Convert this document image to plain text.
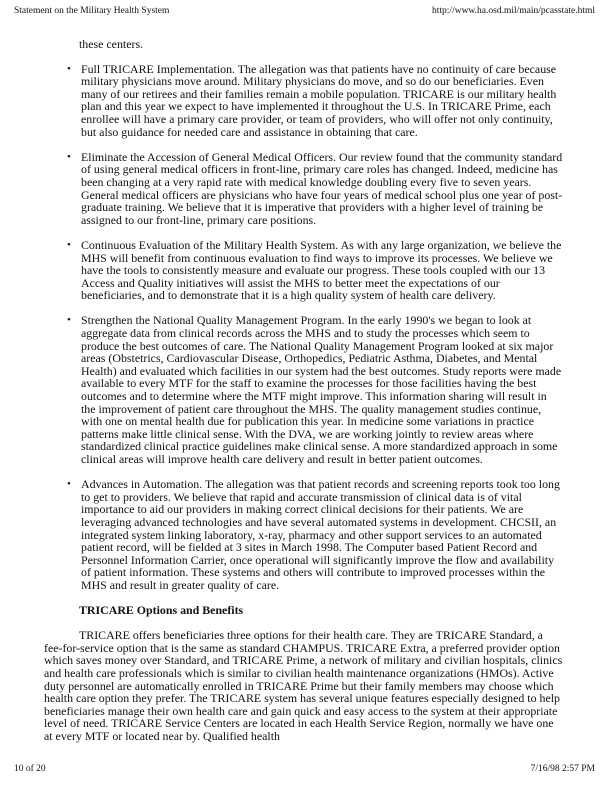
Statement on the Military Health System	http://www.ha.osd.mil/main/pcasstate.html

these centers.

• Full TRICARE Implementation. The allegation was that patients have no continuity of care because military physicians move around. Military physicians do move, and so do our beneficiaries. Even many of our retirees and their families remain a mobile population. TRICARE is our military health plan and this year we expect to have implemented it throughout the U.S. In TRICARE Prime, each enrollee will have a primary care provider, or team of providers, who will offer not only continuity, but also guidance for needed care and assistance in obtaining that care.
• Eliminate the Accession of General Medical Officers. Our review found that the community standard of using general medical officers in front-line, primary care roles has changed. Indeed, medicine has been changing at a very rapid rate with medical knowledge doubling every five to seven years. General medical officers are physicians who have four years of medical school plus one year of post-graduate training. We believe that it is imperative that providers with a higher level of training be assigned to our front-line, primary care positions.
• Continuous Evaluation of the Military Health System. As with any large organization, we believe the MHS will benefit from continuous evaluation to find ways to improve its processes. We believe we have the tools to consistently measure and evaluate our progress. These tools coupled with our 13 Access and Quality initiatives will assist the MHS to better meet the expectations of our beneficiaries, and to demonstrate that it is a high quality system of health care delivery.
• Strengthen the National Quality Management Program. In the early 1990's we began to look at aggregate data from clinical records across the MHS and to study the processes which seem to produce the best outcomes of care. The National Quality Management Program looked at six major areas (Obstetrics, Cardiovascular Disease, Orthopedics, Pediatric Asthma, Diabetes, and Mental Health) and evaluated which facilities in our system had the best outcomes. Study reports were made available to every MTF for the staff to examine the processes for those facilities having the best outcomes and to determine where the MTF might improve. This information sharing will result in the improvement of patient care throughout the MHS. The quality management studies continue, with one on mental health due for publication this year. In medicine some variations in practice patterns make little clinical sense. With the DVA, we are working jointly to review areas where standardized clinical practice guidelines make clinical sense. A more standardized approach in some clinical areas will improve health care delivery and result in better patient outcomes.
• Advances in Automation. The allegation was that patient records and screening reports took too long to get to providers. We believe that rapid and accurate transmission of clinical data is of vital importance to aid our providers in making correct clinical decisions for their patients. We are leveraging advanced technologies and have several automated systems in development. CHCSII, an integrated system linking laboratory, x-ray, pharmacy and other support services to an automated patient record, will be fielded at 3 sites in March 1998. The Computer based Patient Record and Personnel Information Carrier, once operational will significantly improve the flow and availability of patient information. These systems and others will contribute to improved processes within the MHS and result in greater quality of care.
TRICARE Options and Benefits

TRICARE offers beneficiaries three options for their health care. They are TRICARE Standard, a fee-for-service option that is the same as standard CHAMPUS. TRICARE Extra, a preferred provider option which saves money over Standard, and TRICARE Prime, a network of military and civilian hospitals, clinics and health care professionals which is similar to civilian health maintenance organizations (HMOs). Active duty personnel are automatically enrolled in TRICARE Prime but their family members may choose which health care option they prefer. The TRICARE system has several unique features especially designed to help beneficiaries manage their own health care and gain quick and easy access to the system at their appropriate level of need. TRICARE Service Centers are located in each Health Service Region, normally we have one at every MTF or located near by. Qualified health

10 of 20	7/16/98 2:57 PM
